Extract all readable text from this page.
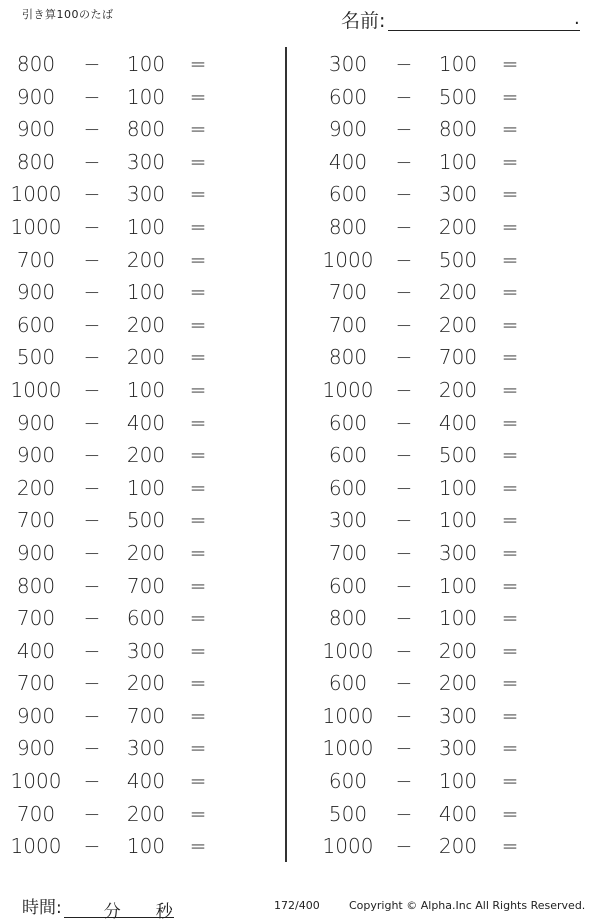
引き算100のたば	名前:	.
800	−	100	=
900	−	100	=
900	−	800	=
800	−	300	=
1000 −	300	=
1000 −	100	=
700	−	200	=
900	−	100	=
600	−	200	=
500	−	200	=
1000 −	100	=
900	−	400	=
900	−	200	=
200	−	100	=
700	−	500	=
900	−	200	=
800	−	700	=
700	−	600	=
400	−	300	=
700	−	200	=
900	−	700	=
900	−	300	=
1000 −	400	=
700	−	200	=
1000 −	100	=
300	−	100	=
600	−	500	=
900	−	800	=
400	−	100	=
600	−	300	=
800	−	200	=
1000 −	500	=
700	−	200	=
700	−	200	=
800	−	700	=
1000 −	200	=
600	−	400	=
600	−	500	=
600	−	100	=
300	−	100	=
700	−	300	=
600	−	100	=
800	−	100	=
1000 −	200	=
600	−	200	=
1000 −	300	=
1000 −	300	=
600	−	100	=
500	−	400	=
1000 −	200	=
時間: 分 秒	172/400	Copyright © Alpha.Inc All Rights Reserved.
